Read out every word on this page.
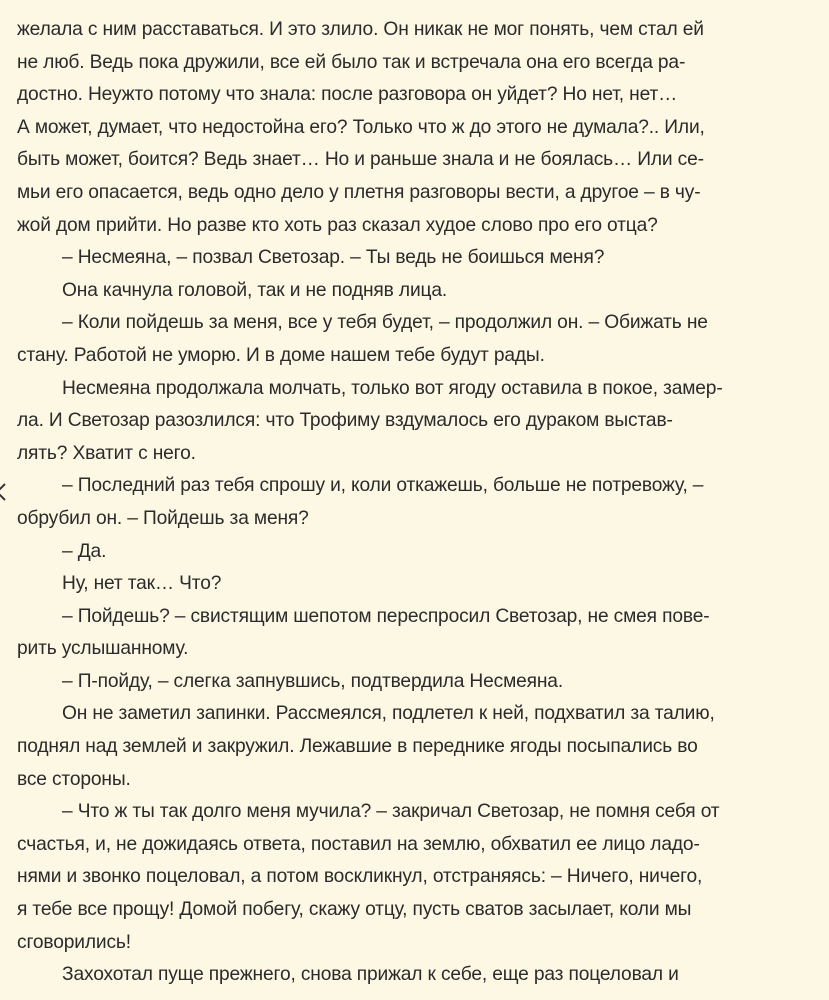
желала с ним расставаться. И это злило. Он никак не мог понять, чем стал ей
не люб. Ведь пока дружили, все ей было так и встречала она его всегда ра-
достно. Неужто потому что знала: после разговора он уйдет? Но нет, нет…
А может, думает, что недостойна его? Только что ж до этого не думала?.. Или,
быть может, боится? Ведь знает… Но и раньше знала и не боялась… Или се-
мьи его опасается, ведь одно дело у плетня разговоры вести, а другое – в чу-
жой дом прийти. Но разве кто хоть раз сказал худое слово про его отца?
– Несмеяна, – позвал Светозар. – Ты ведь не боишься меня?
Она качнула головой, так и не подняв лица.
– Коли пойдешь за меня, все у тебя будет, – продолжил он. – Обижать не
стану. Работой не уморю. И в доме нашем тебе будут рады.
Несмеяна продолжала молчать, только вот ягоду оставила в покое, замер-
ла. И Светозар разозлился: что Трофиму вздумалось его дураком выстав-
лять? Хватит с него.
– Последний раз тебя спрошу и, коли откажешь, больше не потревожу, –
обрубил он. – Пойдешь за меня?
– Да.
Ну, нет так… Что?
– Пойдешь? – свистящим шепотом переспросил Светозар, не смея пове-
рить услышанному.
– П-пойду, – слегка запнувшись, подтвердила Несмеяна.
Он не заметил запинки. Рассмеялся, подлетел к ней, подхватил за талию,
поднял над землей и закружил. Лежавшие в переднике ягоды посыпались во
все стороны.
– Что ж ты так долго меня мучила? – закричал Светозар, не помня себя от
счастья, и, не дожидаясь ответа, поставил на землю, обхватил ее лицо ладо-
нями и звонко поцеловал, а потом воскликнул, отстраняясь: – Ничего, ничего,
я тебе все прощу! Домой побегу, скажу отцу, пусть сватов засылает, коли мы
сговорились!
Захохотал пуще прежнего, снова прижал к себе, еще раз поцеловал и
